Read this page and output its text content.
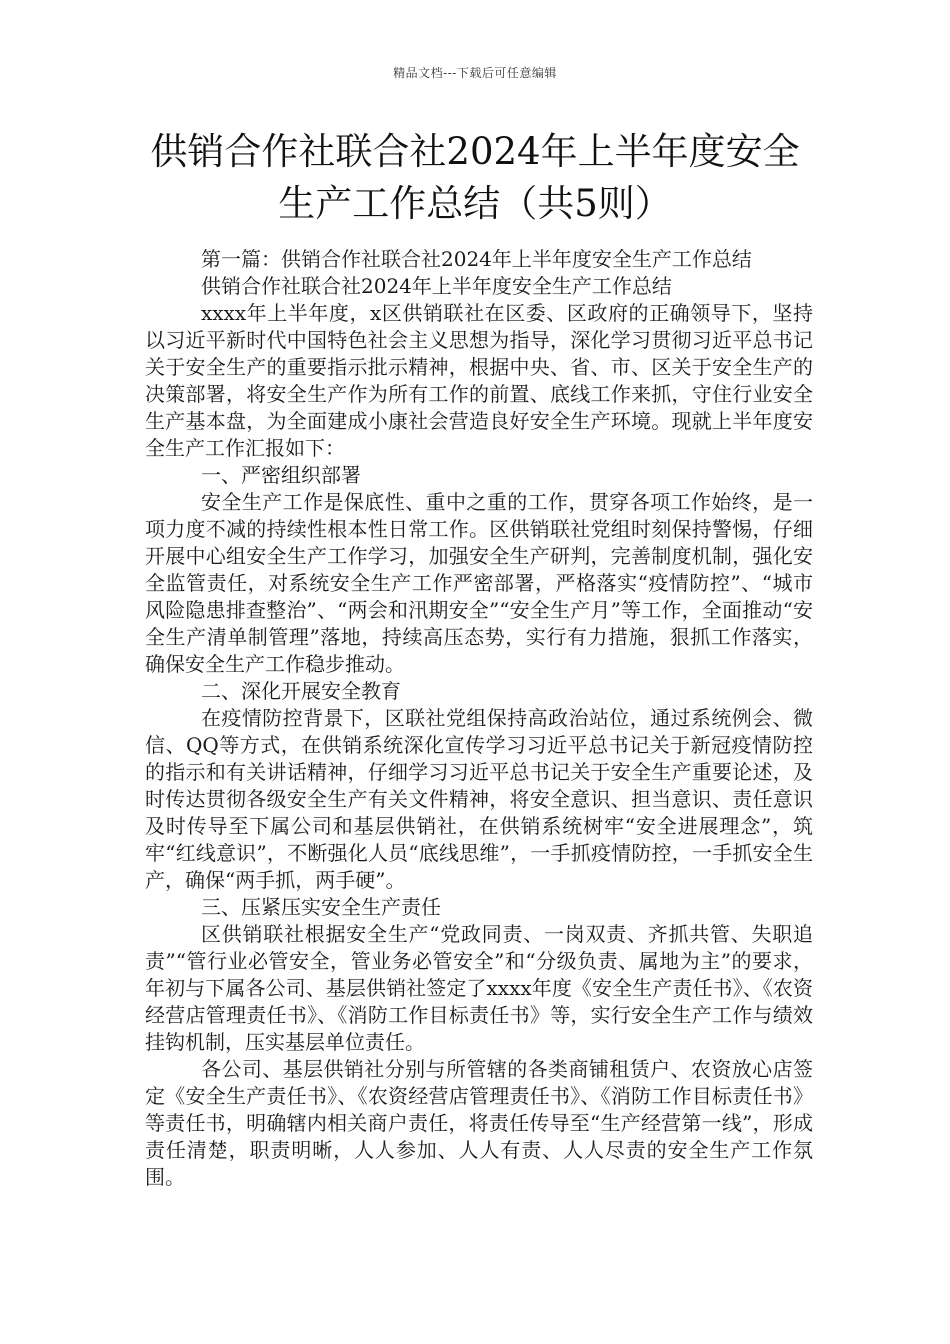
精品文档---下载后可任意编辑
供销合作社联合社2024年上半年度安全生产工作总结（共5则）

第一篇：供销合作社联合社2024年上半年度安全生产工作总结

供销合作社联合社2024年上半年度安全生产工作总结

xxxx年上半年度，x区供销联社在区委、区政府的正确领导下，坚持以习近平新时代中国特色社会主义思想为指导，深化学习贯彻习近平总书记关于安全生产的重要指示批示精神，根据中央、省、市、区关于安全生产的决策部署，将安全生产作为所有工作的前置、底线工作来抓，守住行业安全生产基本盘，为全面建成小康社会营造良好安全生产环境。现就上半年度安全生产工作汇报如下：

一、严密组织部署

安全生产工作是保底性、重中之重的工作，贯穿各项工作始终，是一项力度不减的持续性根本性日常工作。区供销联社党组时刻保持警惕，仔细开展中心组安全生产工作学习，加强安全生产研判，完善制度机制，强化安全监管责任，对系统安全生产工作严密部署，严格落实“疫情防控”、“城市风险隐患排查整治”、“两会和汛期安全”“安全生产月”等工作，全面推动“安全生产清单制管理”落地，持续高压态势，实行有力措施，狠抓工作落实，确保安全生产工作稳步推动。

二、深化开展安全教育

在疫情防控背景下，区联社党组保持高政治站位，通过系统例会、微信、QQ等方式，在供销系统深化宣传学习习近平总书记关于新冠疫情防控的指示和有关讲话精神，仔细学习习近平总书记关于安全生产重要论述，及时传达贯彻各级安全生产有关文件精神，将安全意识、担当意识、责任意识及时传导至下属公司和基层供销社，在供销系统树牢“安全进展理念”，筑牢“红线意识”，不断强化人员“底线思维”，一手抓疫情防控，一手抓安全生产，确保“两手抓，两手硬”。

三、压紧压实安全生产责任

区供销联社根据安全生产“党政同责、一岗双责、齐抓共管、失职追责”“管行业必管安全，管业务必管安全”和“分级负责、属地为主”的要求，年初与下属各公司、基层供销社签定了xxxx年度《安全生产责任书》、《农资经营店管理责任书》、《消防工作目标责任书》等，实行安全生产工作与绩效挂钩机制，压实基层单位责任。

各公司、基层供销社分别与所管辖的各类商铺租赁户、农资放心店签定《安全生产责任书》、《农资经营店管理责任书》、《消防工作目标责任书》等责任书，明确辖内相关商户责任，将责任传导至“生产经营第一线”，形成责任清楚，职责明晰，人人参加、人人有责、人人尽责的安全生产工作氛围。
